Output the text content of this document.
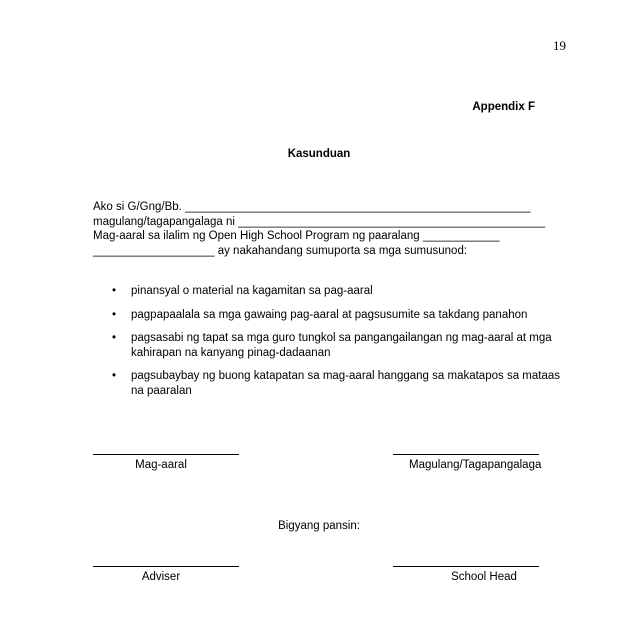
19
Appendix F
Kasunduan
Ako si G/Gng/Bb. ______________________________________________________
magulang/tagapangalaga ni ________________________________________________
Mag-aaral sa ilalim ng Open High School Program ng paaralang ____________
___________________ ay nakahandang sumuporta sa mga sumusunod:
• pinansyal o material na kagamitan sa pag-aaral
• pagpapaalala sa mga gawaing pag-aaral at pagsusumite sa takdang panahon
• pagsasabi ng tapat sa mga guro tungkol sa pangangailangan ng mag-aaral at mga
kahirapan na kanyang pinag-dadaanan
• pagsubaybay ng buong katapatan sa mag-aaral hanggang sa makatapos sa mataas
na paaralan
Mag-aaral	Magulang/Tagapangalaga
Bigyang pansin:
Adviser	School Head
